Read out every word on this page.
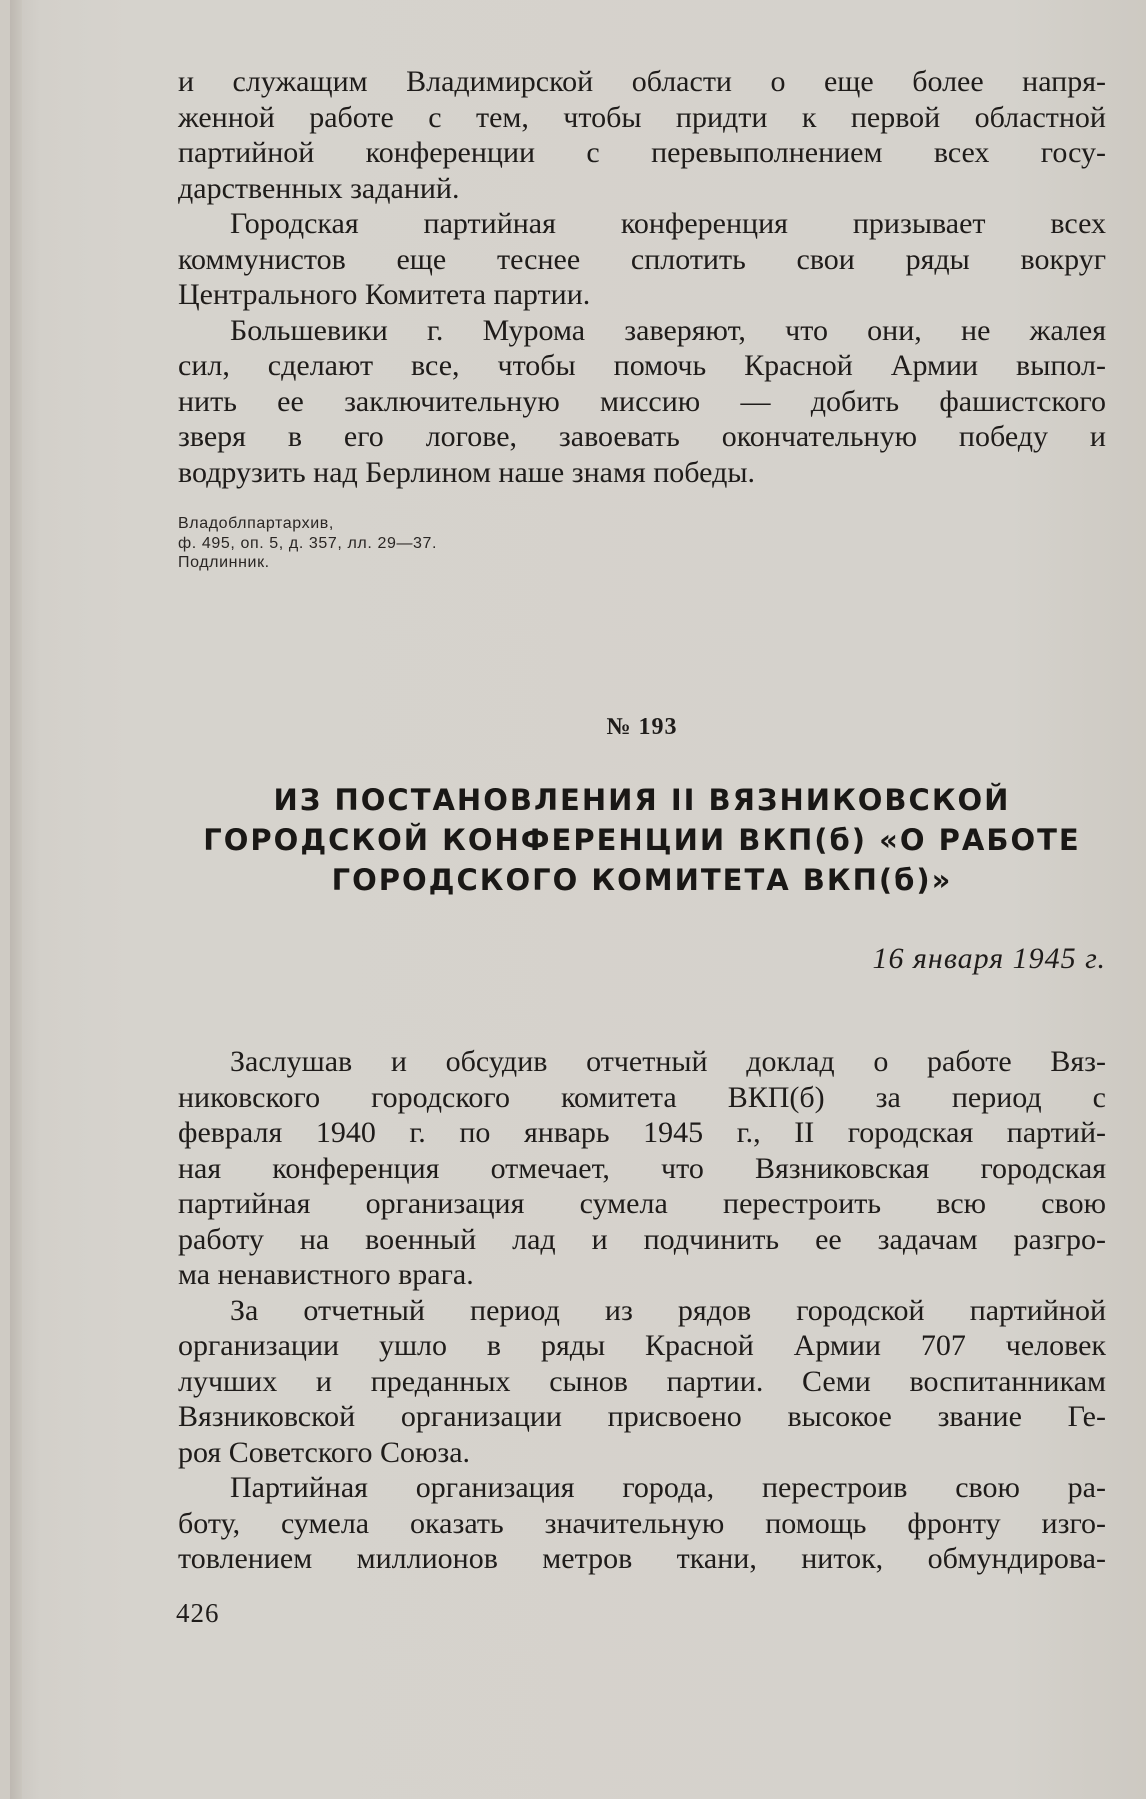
и служащим Владимирской области о еще более напря-

женной работе с тем, чтобы придти к первой областной

партийной конференции с перевыполнением всех госу-

дарственных заданий.

Городская партийная конференция призывает всех

коммунистов еще теснее сплотить свои ряды вокруг

Центрального Комитета партии.

Большевики г. Мурома заверяют, что они, не жалея

сил, сделают все, чтобы помочь Красной Армии выпол-

нить ее заключительную миссию — добить фашистского

зверя в его логове, завоевать окончательную победу и

водрузить над Берлином наше знамя победы.

Владоблпартархив,
ф. 495, оп. 5, д. 357, лл. 29—37.
Подлинник.
№ 193
ИЗ ПОСТАНОВЛЕНИЯ II ВЯЗНИКОВСКОЙ
ГОРОДСКОЙ КОНФЕРЕНЦИИ ВКП(б) «О РАБОТЕ
ГОРОДСКОГО КОМИТЕТА ВКП(б)»
16 января 1945 г.

Заслушав и обсудив отчетный доклад о работе Вяз-

никовского городского комитета ВКП(б) за период с

февраля 1940 г. по январь 1945 г., II городская партий-

ная конференция отмечает, что Вязниковская городская

партийная организация сумела перестроить всю свою

работу на военный лад и подчинить ее задачам разгро-

ма ненавистного врага.

За отчетный период из рядов городской партийной

организации ушло в ряды Красной Армии 707 человек

лучших и преданных сынов партии. Семи воспитанникам

Вязниковской организации присвоено высокое звание Ге-

роя Советского Союза.

Партийная организация города, перестроив свою ра-

боту, сумела оказать значительную помощь фронту изго-

товлением миллионов метров ткани, ниток, обмундирова-

426
